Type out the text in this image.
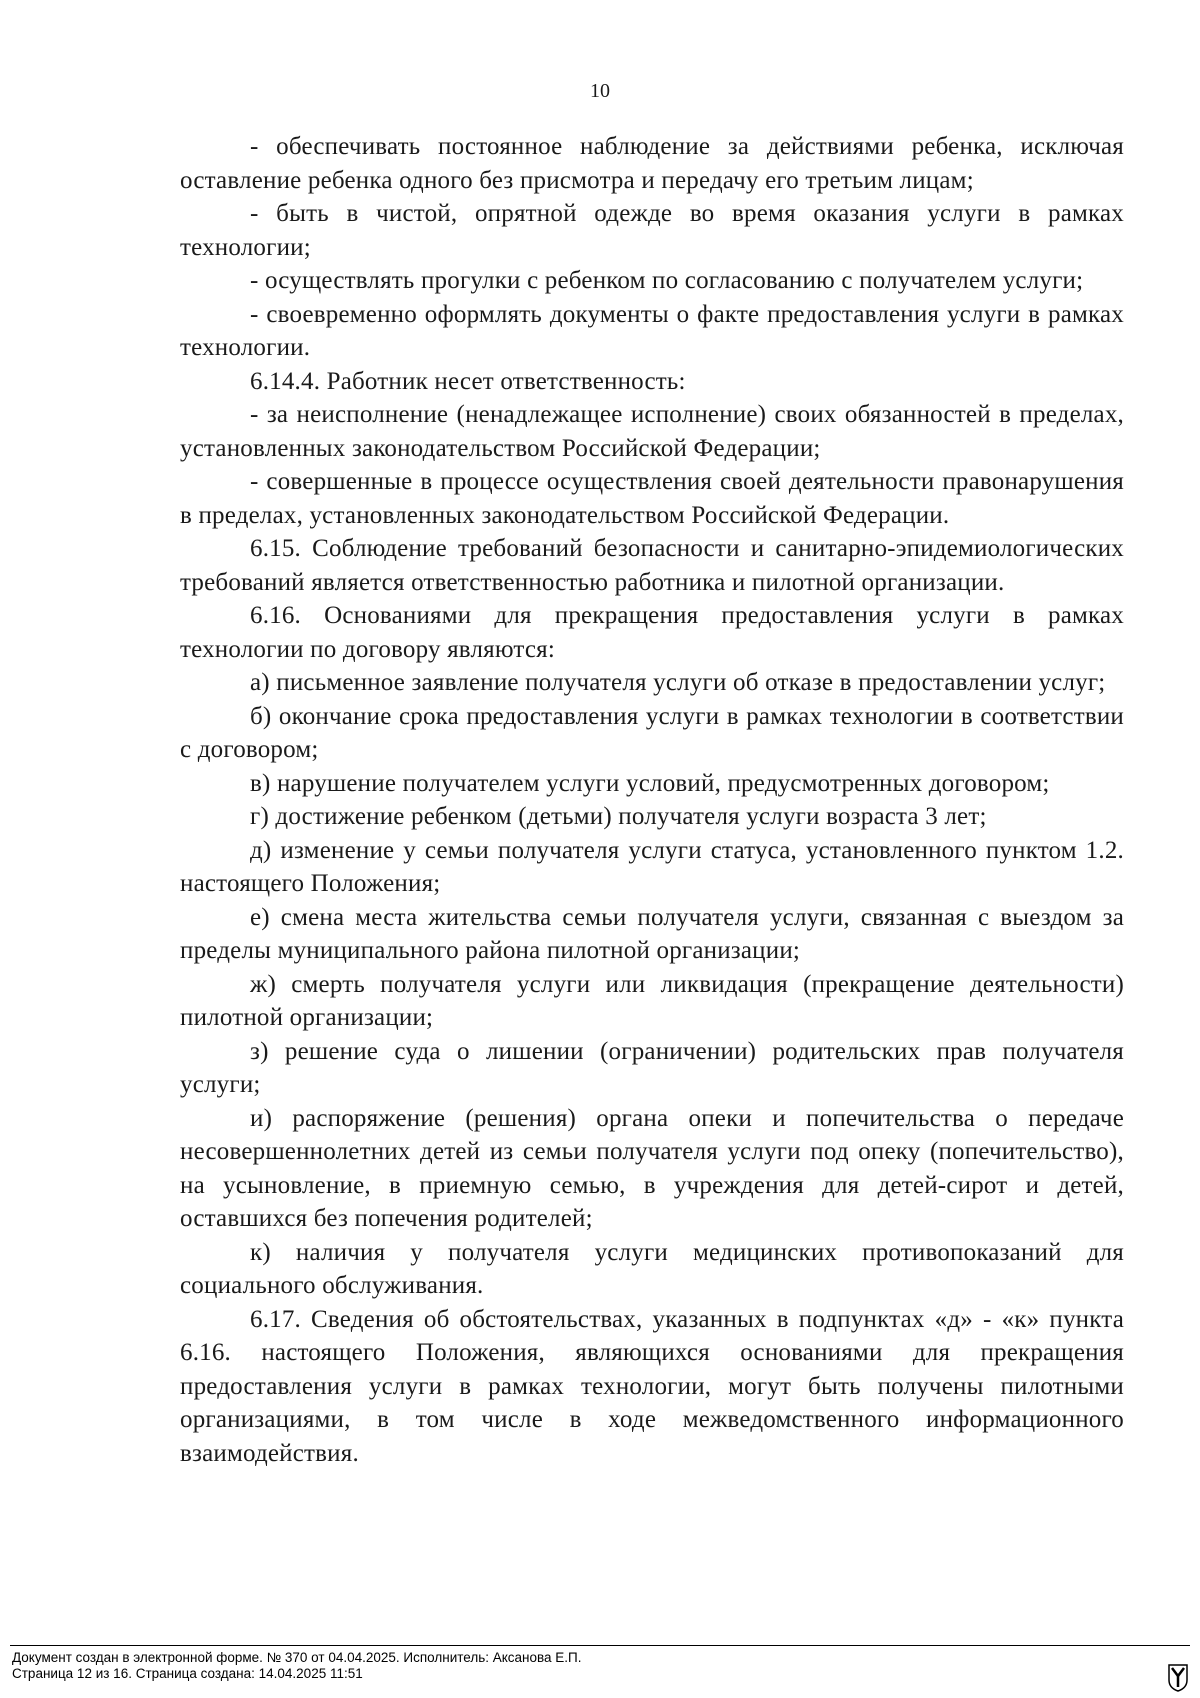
10

- обеспечивать постоянное наблюдение за действиями ребенка, исключая оставление ребенка одного без присмотра и передачу его третьим лицам;

- быть в чистой, опрятной одежде во время оказания услуги в рамках технологии;

- осуществлять прогулки с ребенком по согласованию с получателем услуги;

- своевременно оформлять документы о факте предоставления услуги в рамках технологии.

6.14.4. Работник несет ответственность:

- за неисполнение (ненадлежащее исполнение) своих обязанностей в пределах, установленных законодательством Российской Федерации;

- совершенные в процессе осуществления своей деятельности правонарушения в пределах, установленных законодательством Российской Федерации.

6.15. Соблюдение требований безопасности и санитарно-эпидемиологических требований является ответственностью работника и пилотной организации.

6.16. Основаниями для прекращения предоставления услуги в рамках технологии по договору являются:

а) письменное заявление получателя услуги об отказе в предоставлении услуг;

б) окончание срока предоставления услуги в рамках технологии в соответствии с договором;

в) нарушение получателем услуги условий, предусмотренных договором;

г) достижение ребенком (детьми) получателя услуги возраста 3 лет;

д) изменение у семьи получателя услуги статуса, установленного пунктом 1.2. настоящего Положения;

е) смена места жительства семьи получателя услуги, связанная с выездом за пределы муниципального района пилотной организации;

ж) смерть получателя услуги или ликвидация (прекращение деятельности) пилотной организации;

з) решение суда о лишении (ограничении) родительских прав получателя услуги;

и) распоряжение (решения) органа опеки и попечительства о передаче несовершеннолетних детей из семьи получателя услуги под опеку (попечительство), на усыновление, в приемную семью, в учреждения для детей-сирот и детей, оставшихся без попечения родителей;

к) наличия у получателя услуги медицинских противопоказаний для социального обслуживания.

6.17. Сведения об обстоятельствах, указанных в подпунктах «д» - «к» пункта 6.16. настоящего Положения, являющихся основаниями для прекращения предоставления услуги в рамках технологии, могут быть получены пилотными организациями, в том числе в ходе межведомственного информационного взаимодействия.

Документ создан в электронной форме. № 370 от 04.04.2025. Исполнитель: Аксанова Е.П.
Страница 12 из 16. Страница создана: 14.04.2025 11:51
